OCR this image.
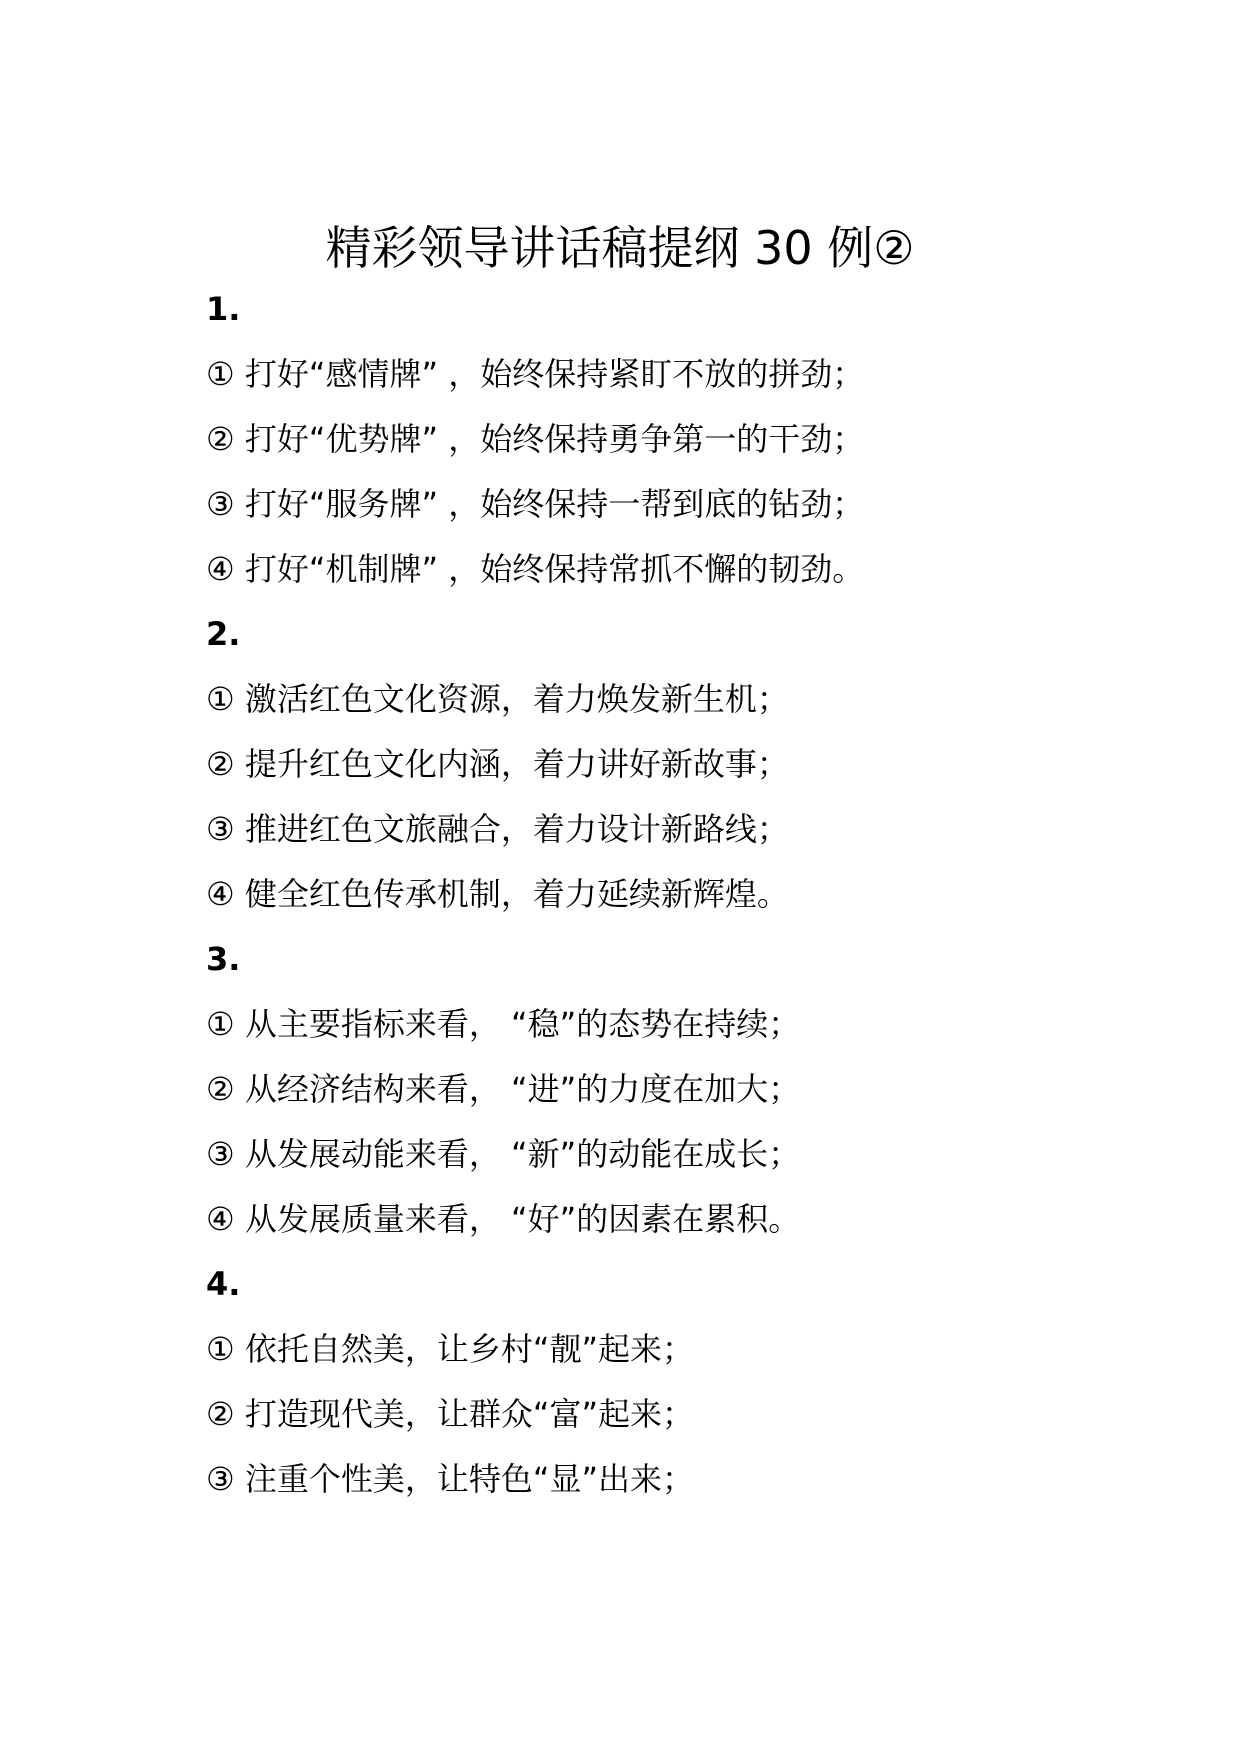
精彩领导讲话稿提纲 30 例②
1.
① 打好“感情牌” ，始终保持紧盯不放的拼劲；
② 打好“优势牌” ，始终保持勇争第一的干劲；
③ 打好“服务牌” ，始终保持一帮到底的钻劲；
④ 打好“机制牌” ，始终保持常抓不懈的韧劲。
2.
① 激活红色文化资源，着力焕发新生机；
② 提升红色文化内涵，着力讲好新故事；
③ 推进红色文旅融合，着力设计新路线；
④ 健全红色传承机制，着力延续新辉煌。
3.
① 从主要指标来看， “稳”的态势在持续；
② 从经济结构来看， “进”的力度在加大；
③ 从发展动能来看， “新”的动能在成长；
④ 从发展质量来看， “好”的因素在累积。
4.
① 依托自然美，让乡村“靓”起来；
② 打造现代美，让群众“富”起来；
③ 注重个性美，让特色“显”出来；
